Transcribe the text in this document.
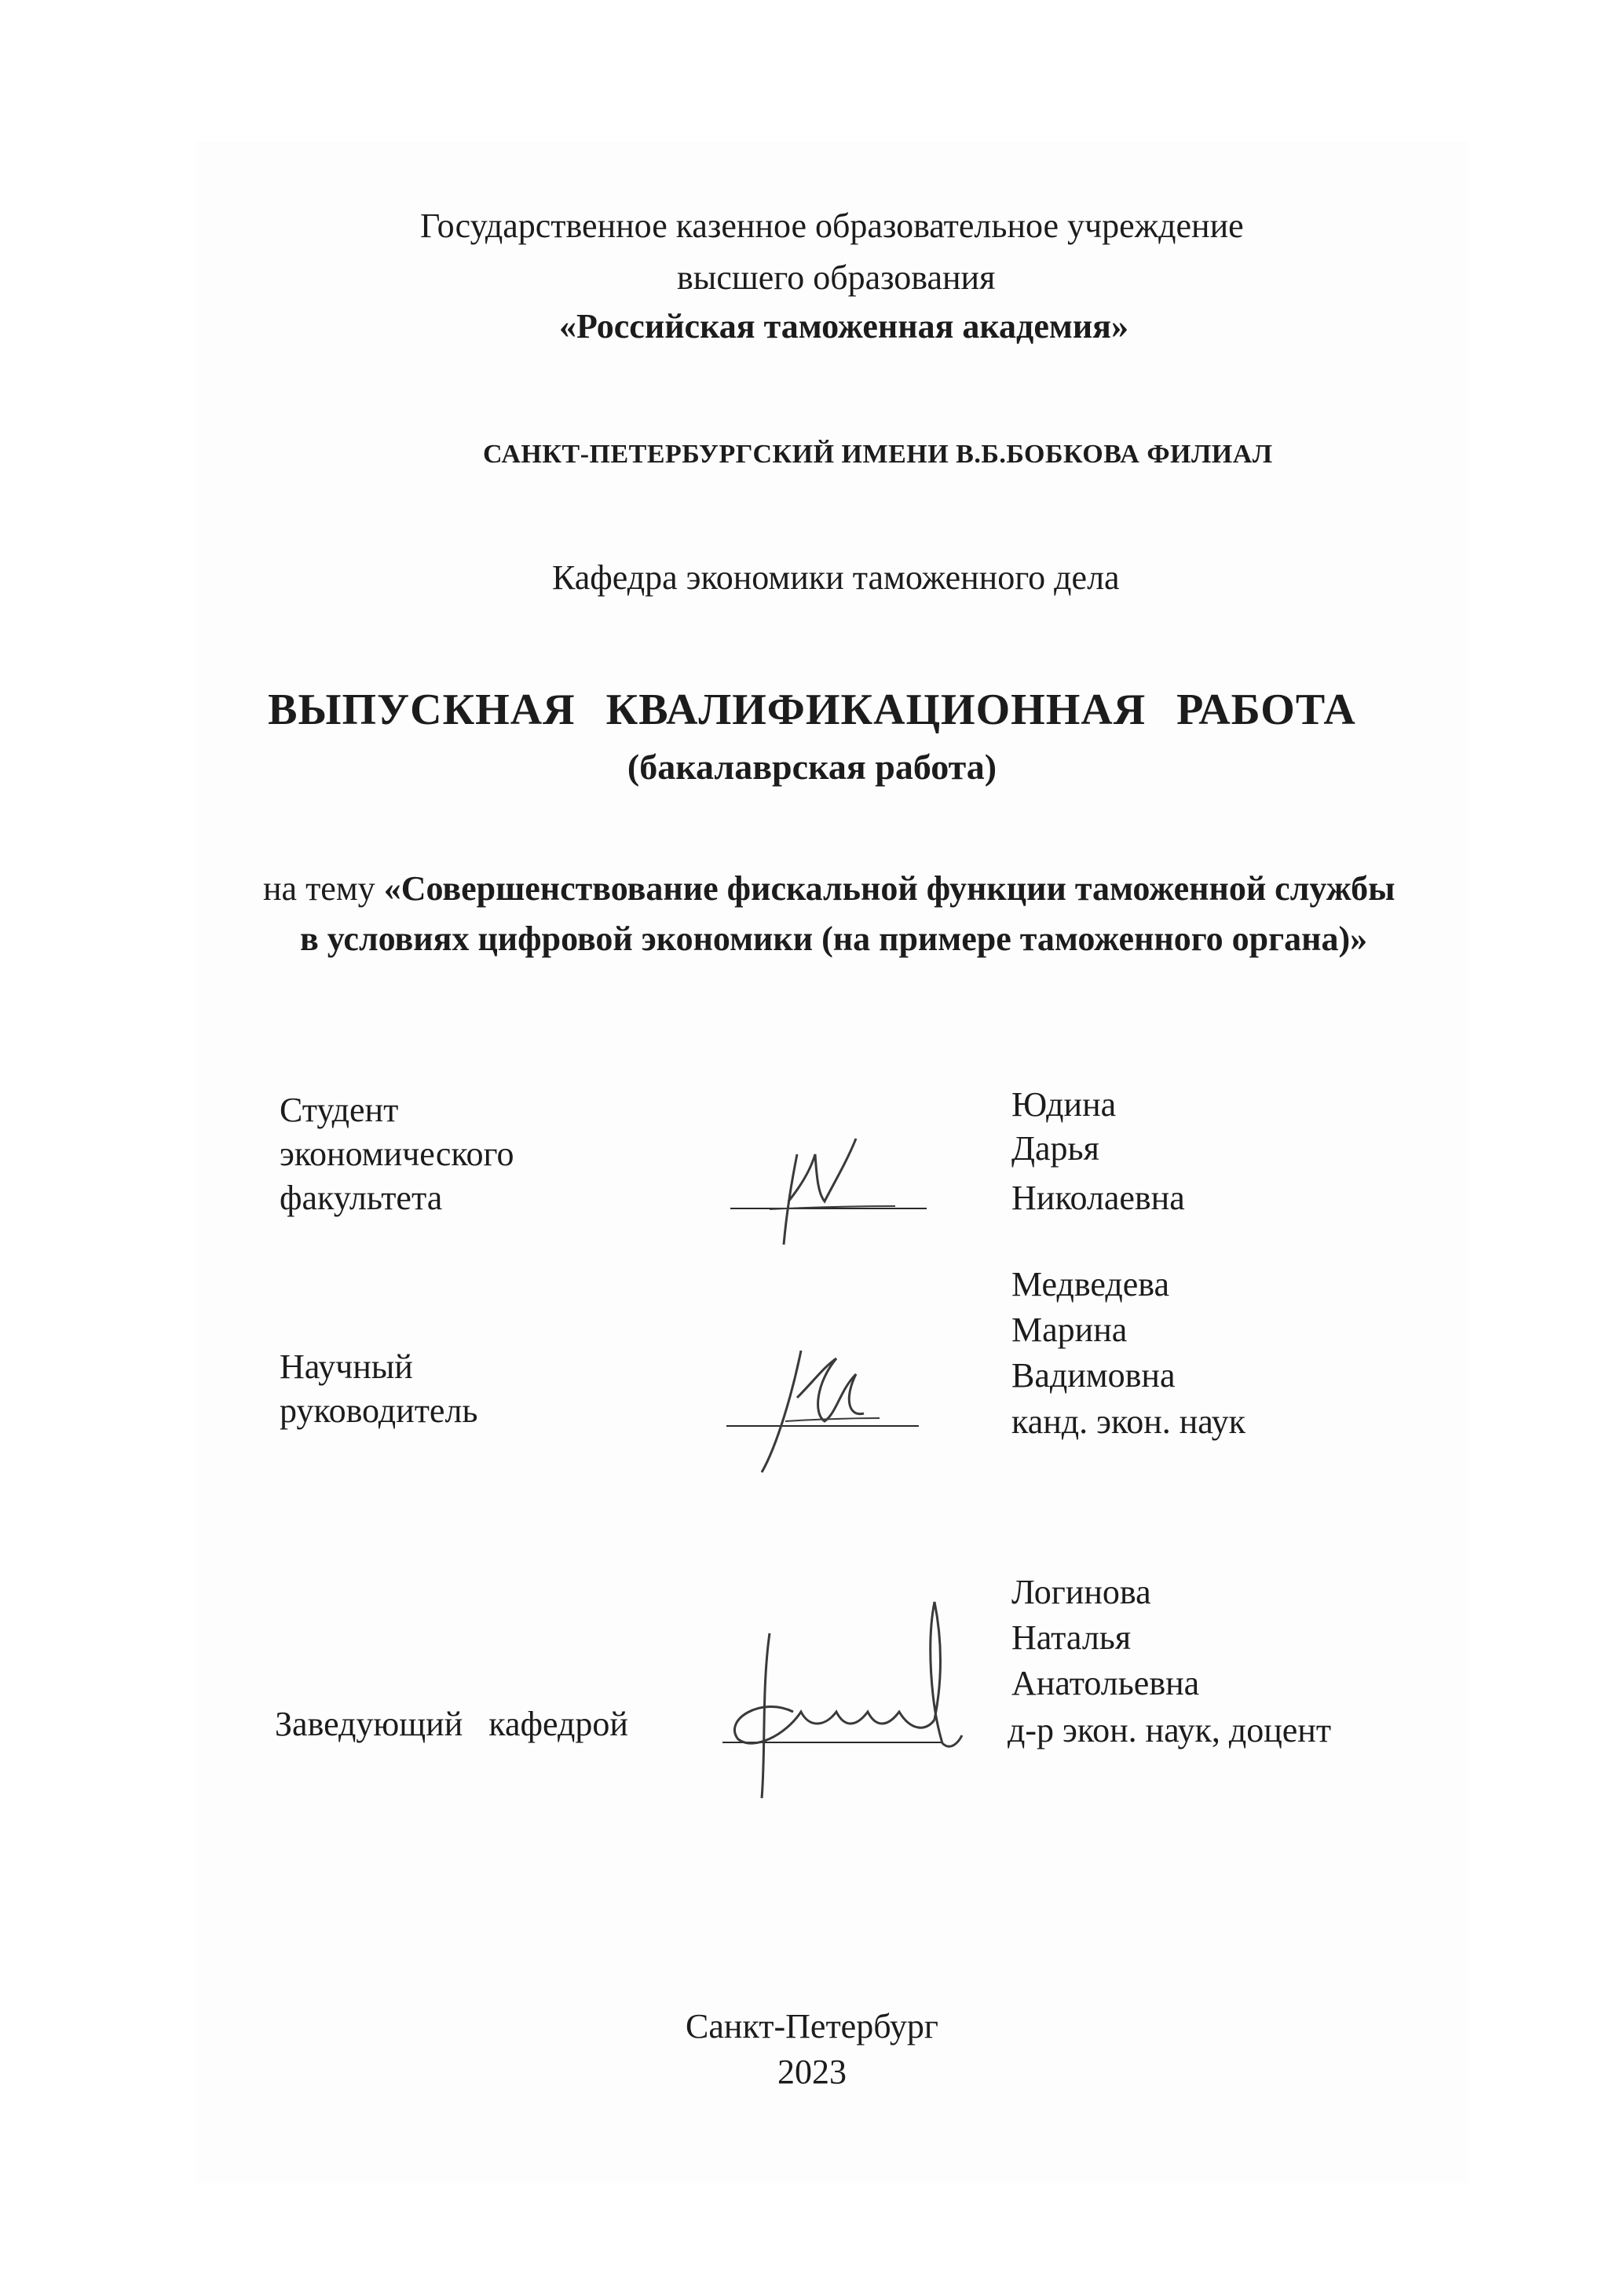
Государственное казенное образовательное учреждение
высшего образования
«Российская таможенная академия»
САНКТ-ПЕТЕРБУРГСКИЙ ИМЕНИ В.Б.БОБКОВА ФИЛИАЛ
Кафедра экономики таможенного дела
ВЫПУСКНАЯ КВАЛИФИКАЦИОННАЯ РАБОТА
(бакалаврская работа)
на тему «Совершенствование фискальной функции таможенной службы
в условиях цифровой экономики (на примере таможенного органа)»
Студент
экономического
факультета
Юдина
Дарья
Николаевна
Научный
руководитель
Медведева
Марина
Вадимовна
канд. экон. наук
Заведующий   кафедрой
Логинова
Наталья
Анатольевна
д-р экон. наук, доцент
Санкт-Петербург
2023
